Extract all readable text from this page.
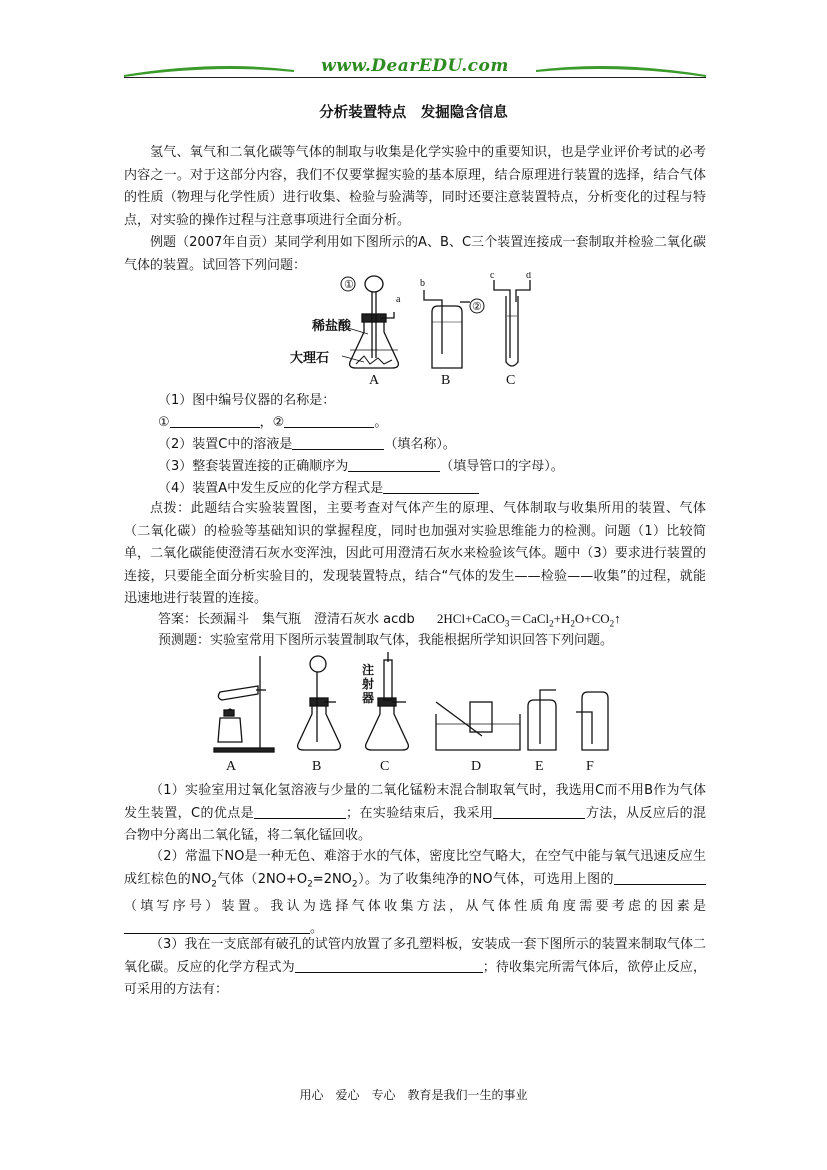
www.DearEDU.com
分析装置特点　发掘隐含信息
氢气、氧气和二氧化碳等气体的制取与收集是化学实验中的重要知识，也是学业评价考试的必考内容之一。对于这部分内容，我们不仅要掌握实验的基本原理，结合原理进行装置的选择，结合气体的性质（物理与化学性质）进行收集、检验与验满等，同时还要注意装置特点，分析变化的过程与特点，对实验的操作过程与注意事项进行全面分析。
例题（2007年自贡）某同学利用如下图所示的A、B、C三个装置连接成一套制取并检验二氧化碳气体的装置。试回答下列问题：
①
a
稀盐酸
大理石
A
②
b
B
c	d
C
（1）图中编号仪器的名称是：
①	，②	。
（2）装置C中的溶液是	（填名称）。
（3）整套装置连接的正确顺序为	（填导管口的字母）。
（4）装置A中发生反应的化学方程式是
点拨：此题结合实验装置图，主要考查对气体产生的原理、气体制取与收集所用的装置、气体（二氧化碳）的检验等基础知识的掌握程度，同时也加强对实验思维能力的检测。问题（1）比较简单，二氧化碳能使澄清石灰水变浑浊，因此可用澄清石灰水来检验该气体。题中（3）要求进行装置的连接，只要能全面分析实验目的，发现装置特点，结合“气体的发生——检验——收集”的过程，就能迅速地进行装置的连接。
答案：长颈漏斗　集气瓶　澄清石灰水 acdb $2HCl+CaCO_3=CaCl_2+H_2O+CO_2↑$
预测题：实验室常用下图所示装置制取气体，我能根据所学知识回答下列问题。
A	B
注射器
C	D	E	F
（1）实验室用过氧化氢溶液与少量的二氧化锰粉末混合制取氧气时，我选用C而不用B作为气体发生装置，C的优点是	；在实验结束后，我采用	方法，从反应后的混合物中分离出二氧化锰，将二氧化锰回收。
（2）常温下NO是一种无色、难溶于水的气体，密度比空气略大，在空气中能与氧气迅速反应生成红棕色的$NO_2$气体$(2NO+O_2=2NO_2)$。为了收集纯净的NO气体，可选用上图的（填写序号）装置。我认为选择气体收集方法，从气体性质角度需要考虑的因素是。
（3）我在一支底部有破孔的试管内放置了多孔塑料板，安装成一套下图所示的装置来制取气体二氧化碳。反应的化学方程式为	；待收集完所需气体后，欲停止反应，可采用的方法有：
用心　爱心　专心　教育是我们一生的事业
